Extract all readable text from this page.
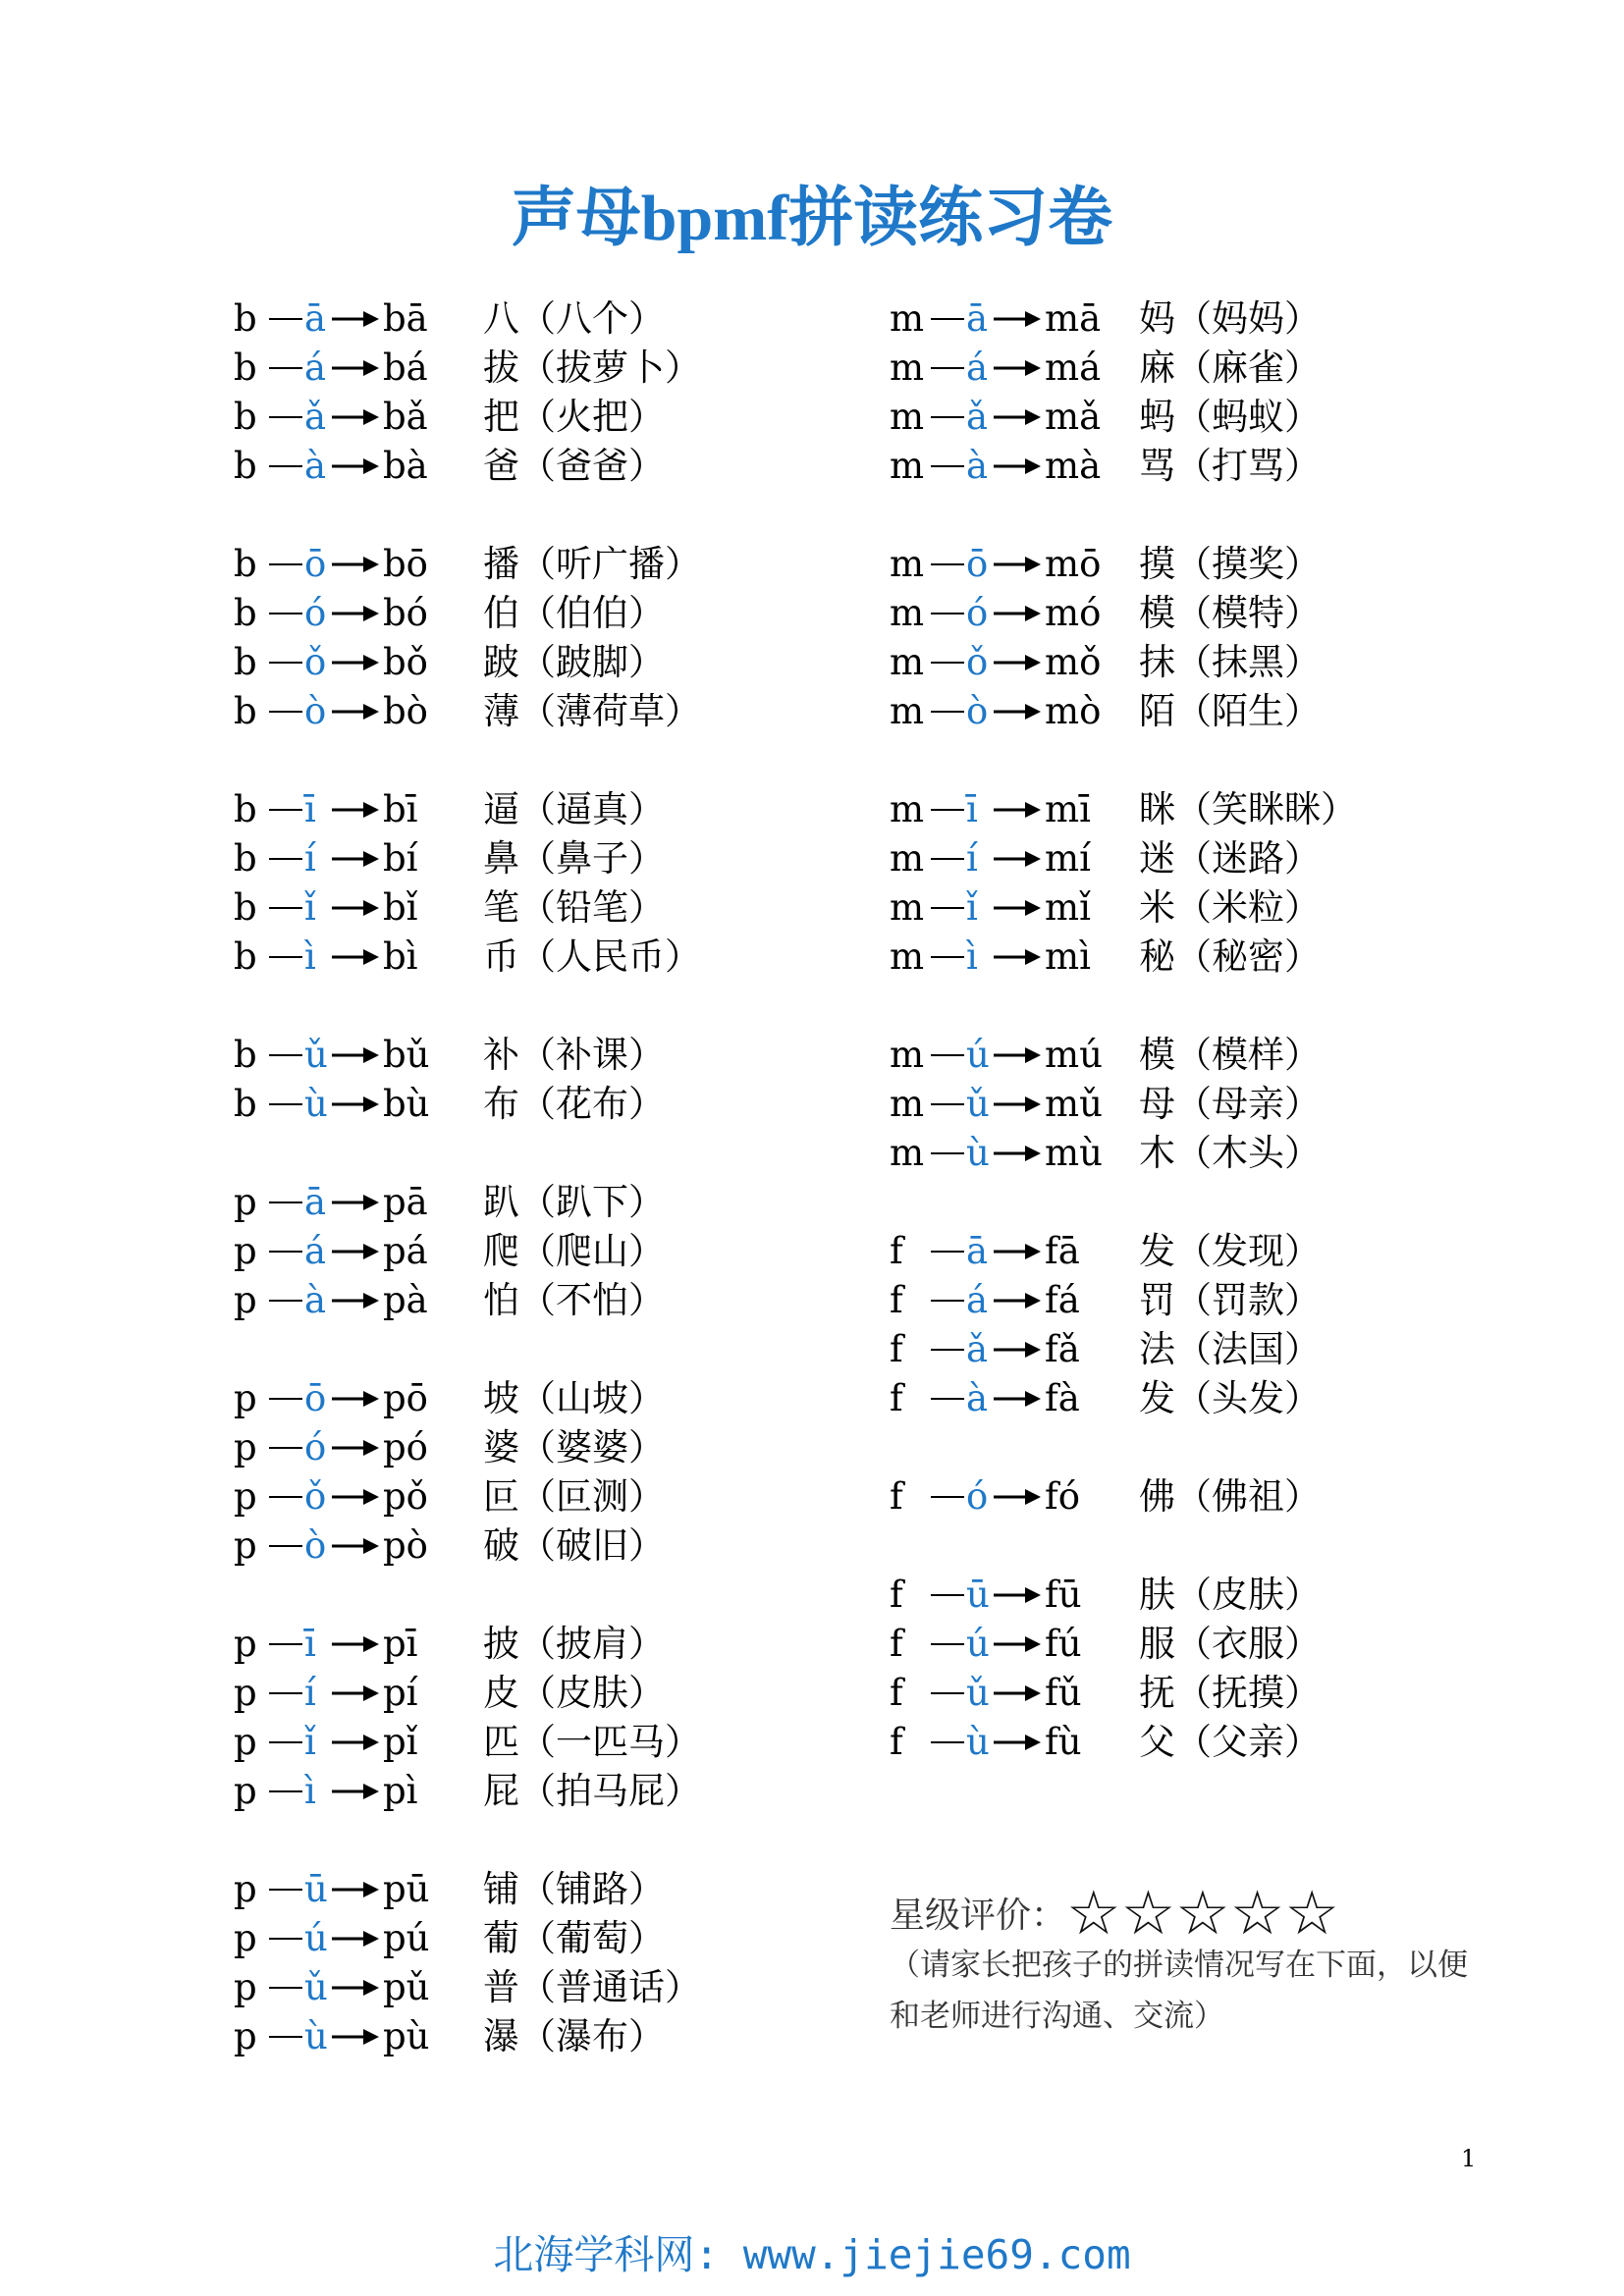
声母bpmf拼读练习卷
b	ā bā 八（八个）
b	á bá 拔（拔萝卜）
b	ǎ bǎ 把（火把）
b	à bà 爸（爸爸）
b	ō bō 播（听广播）
b	ó bó 伯（伯伯）
b	ǒ bǒ 跛（跛脚）
b	ò bò 薄（薄荷草）
b	ī bī 逼（逼真）
b	í bí 鼻（鼻子）
b	ǐ bǐ 笔（铅笔）
b	ì bì 币（人民币）
b	ǔ bǔ 补（补课）
b	ù bù 布（花布）
p	ā pā 趴（趴下）
p	á pá 爬（爬山）
p	à pà 怕（不怕）
p	ō pō 坡（山坡）
p	ó pó 婆（婆婆）
p	ǒ pǒ 叵（叵测）
p	ò pò 破（破旧）
p	ī pī 披（披肩）
p	í pí 皮（皮肤）
p	ǐ pǐ 匹（一匹马）
p	ì pì 屁（拍马屁）
p	ū pū 铺（铺路）
p	ú pú 葡（葡萄）
p	ǔ pǔ 普（普通话）
p	ù pù 瀑（瀑布）
m ā mā 妈（妈妈）
m á má 麻（麻雀）
m ǎ mǎ 蚂（蚂蚁）
m à mà 骂（打骂）
m ō mō 摸（摸奖）
m ó mó 模（模特）
m ǒ mǒ 抹（抹黑）
m ò mò 陌（陌生）
m ī mī 眯（笑眯眯）
m í mí 迷（迷路）
m ǐ mǐ 米（米粒）
m ì mì 秘（秘密）
m ú mú 模（模样）
m ǔ mǔ 母（母亲）
m ù mù 木（木头）
f	ā fā 发（发现）
f	á fá 罚（罚款）
f	ǎ fǎ 法（法国）
f	à fà 发（头发）
f	ó fó 佛（佛祖）
f	ū fū 肤（皮肤）
f	ú fú 服（衣服）
f	ǔ fǔ 抚（抚摸）
f	ù fù 父（父亲）
星级评价：☆☆☆☆☆
（请家长把孩子的拼读情况写在下面，以便和老师进行沟通、交流）
1
北海学科网: www.jiejie69.com
